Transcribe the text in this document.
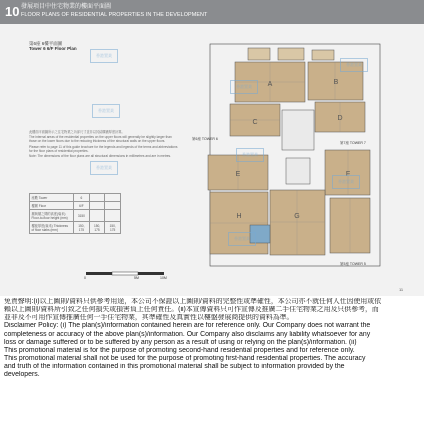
10 發展項目中住宅物業的樓面平面圖
FLOOR PLANS OF RESIDENTIAL PROPERTIES IN THE DEVELOPMENT
第6座 6樓平面圖
Tower 6 6/F Floor Plan

此樓面平面圖所示之住宅物業之內部尺寸並非以其結構牆厚度計算。

The internal areas of the residential properties on the upper floors will generally be slightly larger than those on the lower floors due to the reducing thickness of the structural walls on the upper floors.

Please refer to page 11 of this guide brochure for the legends and legends of the terms and abbreviations for the floor plans of residential properties.

Note: The dimensions of the floor plans are all structural dimensions in millimetres and are in metres.

座數 Tower	6		
樓層 Floor	6/F		
層與層之間的高度(毫米) Floor-to-floor height (mm)	3150		
樓板厚度(毫米) Thickness of floor slabs (mm)	150, 175	150, 175	150, 175
0	5M	10M
A	B
C
D
E	F
G
H
第6座 TOWER 6
第7座 TOWER 7
第5座 TOWER 5
香港置業
香港置業
香港置業
香港置業
香港置業
香港置業
香港置業
香港置業
11
免責聲明:(i)以上圖則/資料只供參考用途，本公司不保證以上圖則/資料的完整性或準確性，本公司亦不就任何人仕因使用或依
賴以上圖則/資料所引致之任何損失或損害負上任何責任。(ii)本宣傳資料只可作宣傳及推廣二手住宅物業之用及只供參考，而
並非及不可用作宣傳推廣任何一手住宅物業，其準確性及真實性以樓盤發展商提供的資料為準。
Disclaimer Policy: (i) The plan(s)/information contained herein are for reference only. Our Company does not warrant the
completeness or accuracy of the above plan(s)/information. Our Company also disclaims any liability whatsoever for any
loss or damage suffered or to be suffered by any person as a result of using or relying on the plan(s)/information. (ii)
This promotional material is for the purpose of promoting second-hand residential properties and for reference only.
This promotional material shall not be used for the purpose of promoting first-hand residential properties. The accuracy
and truth of the information contained in this promotional material shall be subject to information provided by the
developers.
